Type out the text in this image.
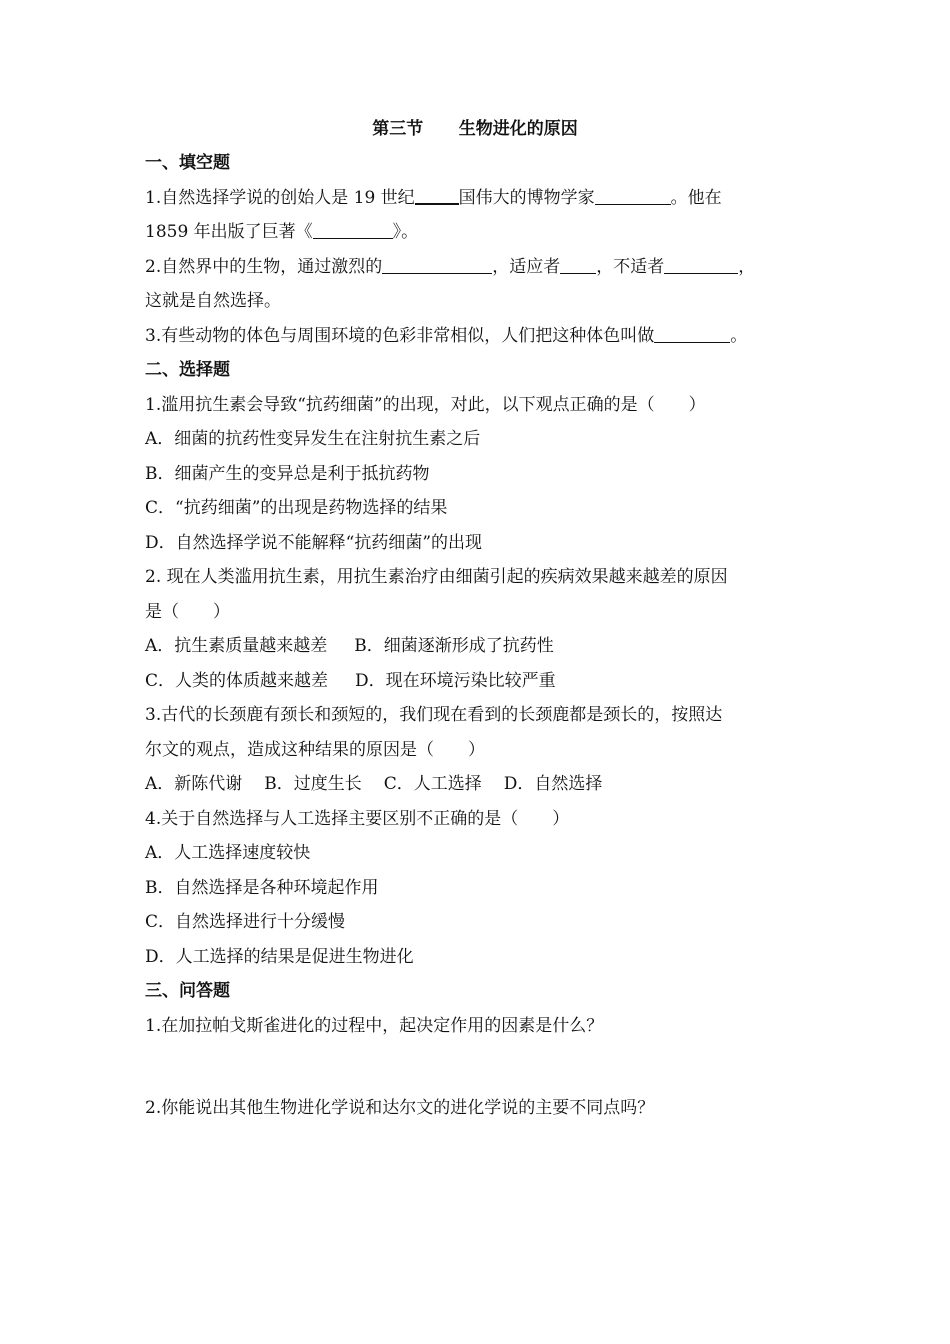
第三节      生物进化的原因
一、填空题
1.自然选择学说的创始人是 19 世纪	国伟大的博物学家	。他在
1859 年出版了巨著《	》。
2.自然界中的生物，通过激烈的	，适应者 ，不适者	，
这就是自然选择。
3.有些动物的体色与周围环境的色彩非常相似，人们把这种体色叫做	。
二、选择题
1.滥用抗生素会导致“抗药细菌”的出现，对此，以下观点正确的是（　　）
A．细菌的抗药性变异发生在注射抗生素之后
B．细菌产生的变异总是利于抵抗药物
C．“抗药细菌”的出现是药物选择的结果
D．自然选择学说不能解释“抗药细菌”的出现
2. 现在人类滥用抗生素，用抗生素治疗由细菌引起的疾病效果越来越差的原因
是（　　）
A．抗生素质量越来越差 B．细菌逐渐形成了抗药性
C．人类的体质越来越差 D．现在环境污染比较严重
3.古代的长颈鹿有颈长和颈短的，我们现在看到的长颈鹿都是颈长的，按照达
尔文的观点，造成这种结果的原因是（　　）
A．新陈代谢 B．过度生长 C．人工选择 D．自然选择
4.关于自然选择与人工选择主要区别不正确的是（　　）
A．人工选择速度较快
B．自然选择是各种环境起作用
C．自然选择进行十分缓慢
D．人工选择的结果是促进生物进化
三、问答题
1.在加拉帕戈斯雀进化的过程中，起决定作用的因素是什么？
2.你能说出其他生物进化学说和达尔文的进化学说的主要不同点吗？
